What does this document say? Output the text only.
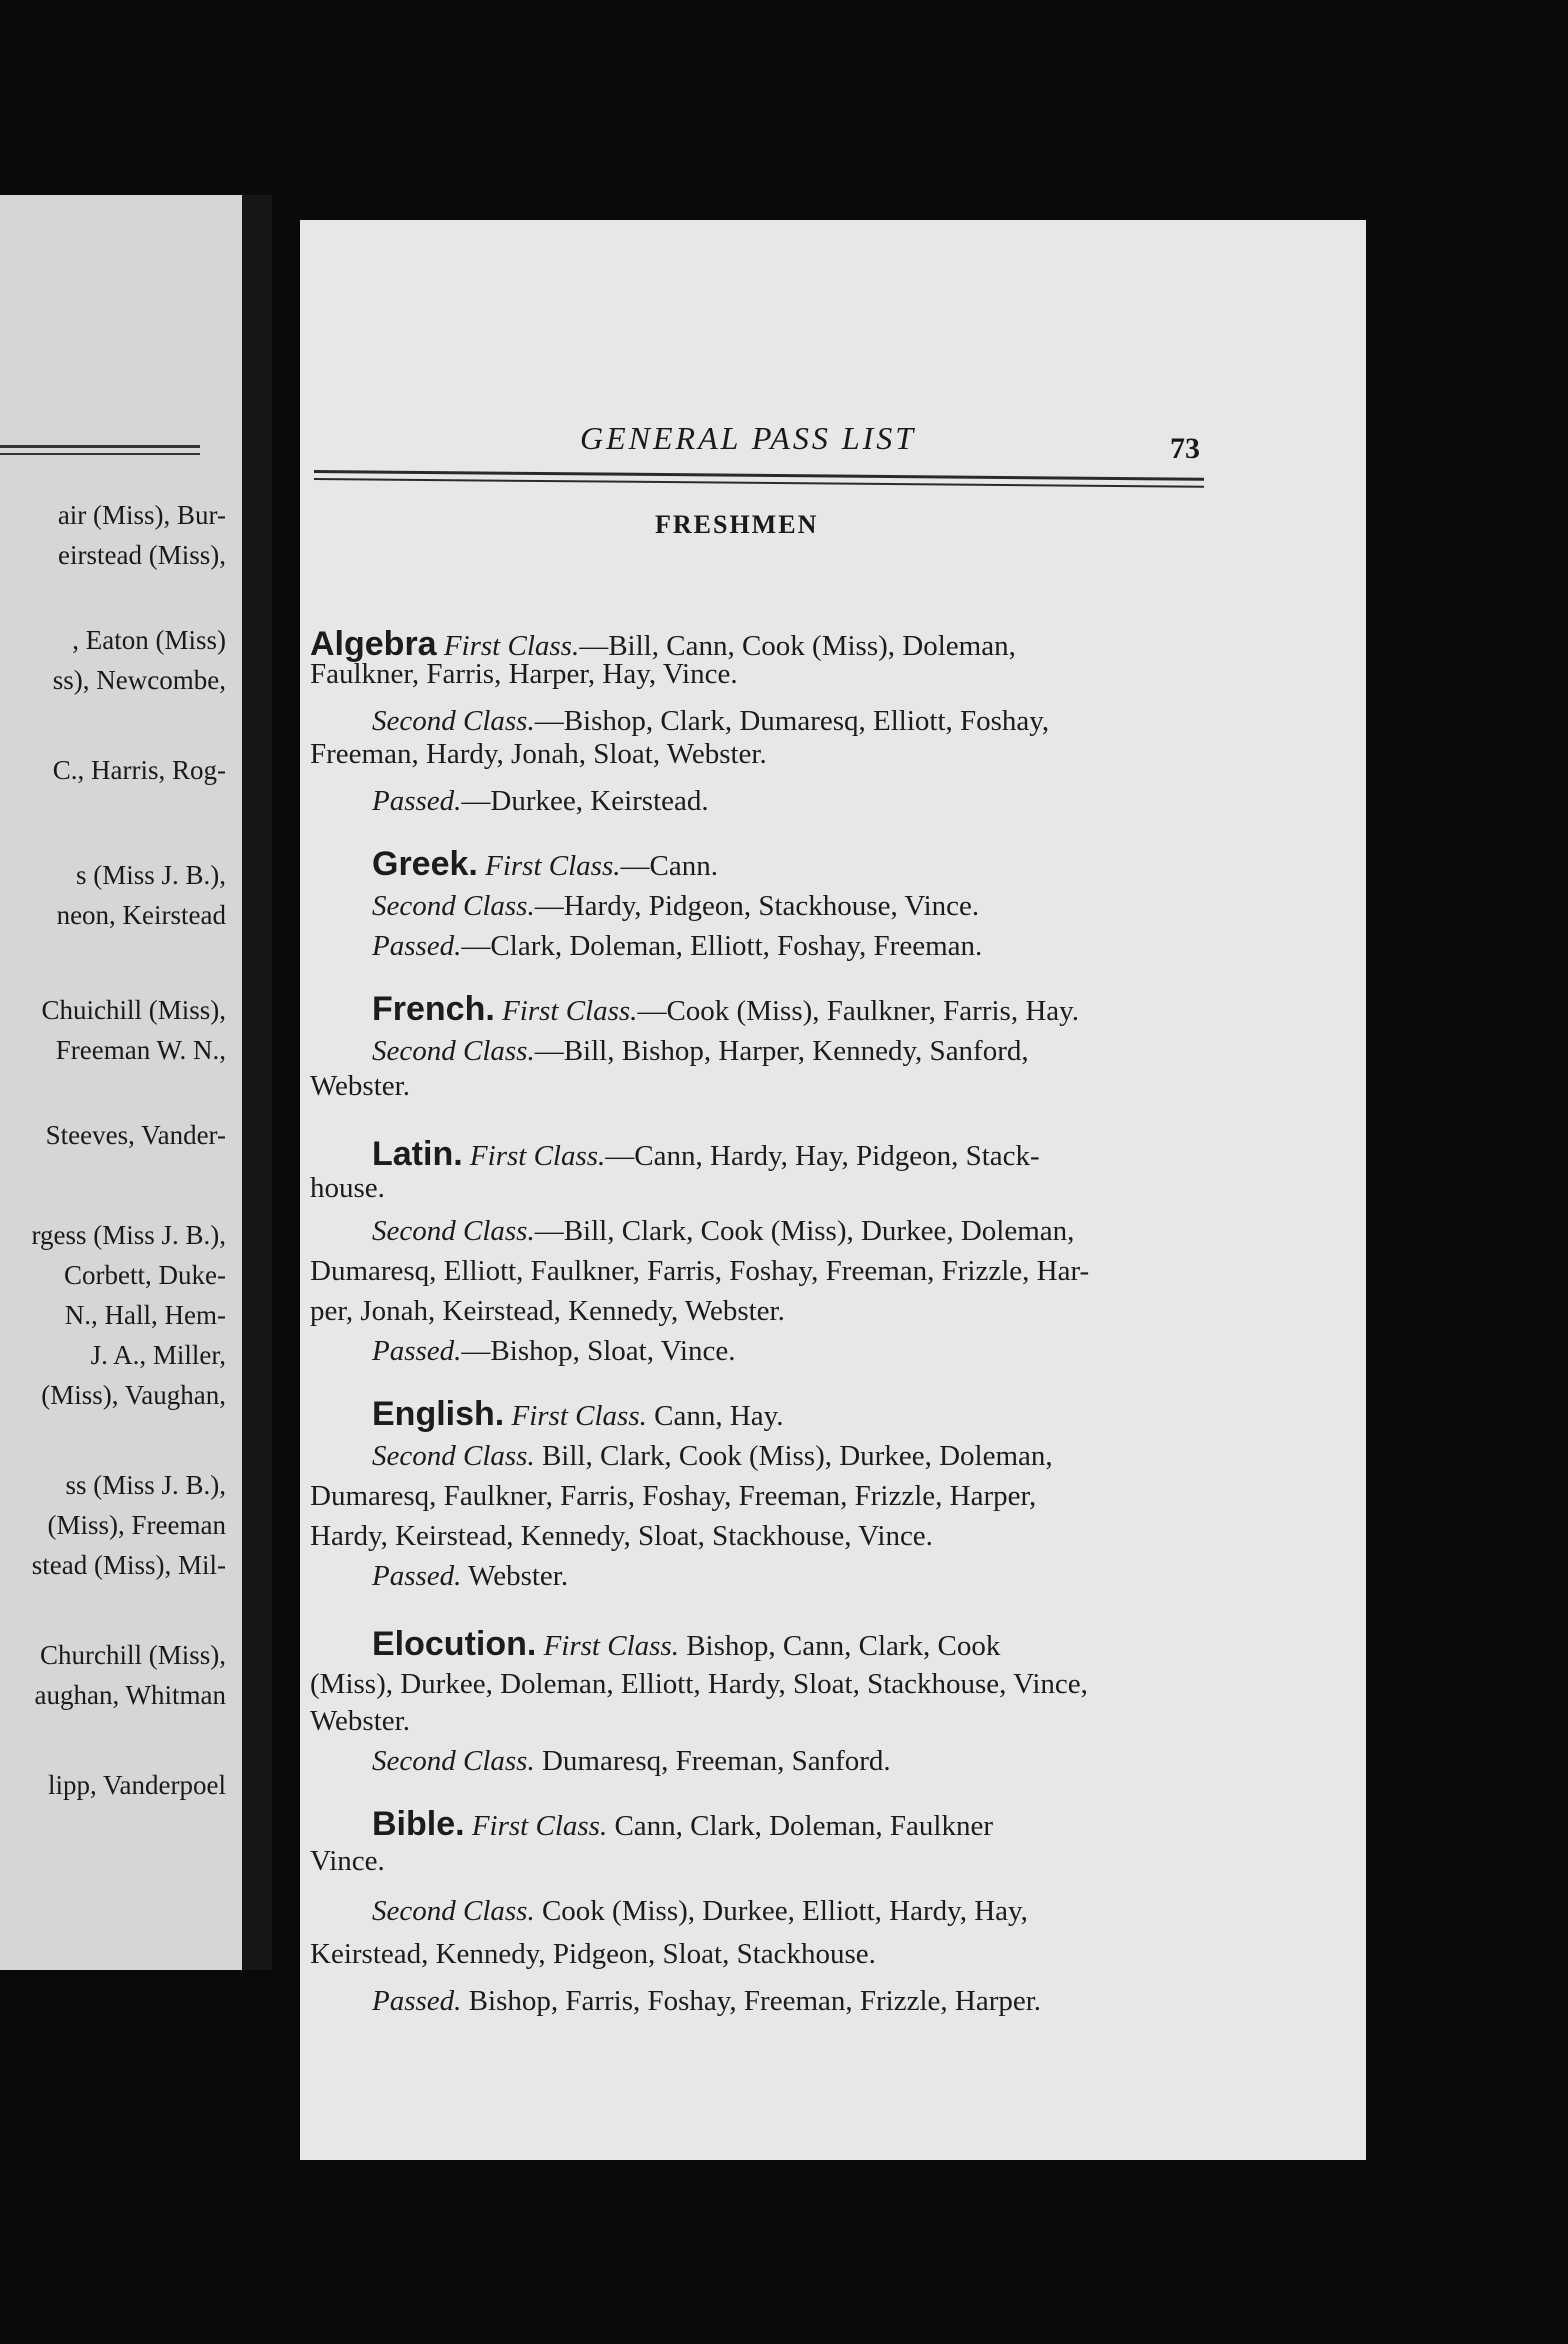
air (Miss), Bur-
eirstead (Miss),
, Eaton (Miss)
ss), Newcombe,
C., Harris, Rog-
s (Miss J. B.),
neon, Keirstead
Chuichill (Miss),
Freeman W. N.,
Steeves, Vander-
rgess (Miss J. B.),
Corbett, Duke-
N., Hall, Hem-
J. A., Miller,
(Miss), Vaughan,
ss (Miss J. B.),
(Miss), Freeman
stead (Miss), Mil-
Churchill (Miss),
aughan, Whitman
lipp, Vanderpoel
GENERAL PASS LIST	73
FRESHMEN
Algebra First Class.—Bill, Cann, Cook (Miss), Doleman,
Faulkner, Farris, Harper, Hay, Vince.
Second Class.—Bishop, Clark, Dumaresq, Elliott, Foshay,
Freeman, Hardy, Jonah, Sloat, Webster.
Passed.—Durkee, Keirstead.
Greek. First Class.—Cann.
Second Class.—Hardy, Pidgeon, Stackhouse, Vince.
Passed.—Clark, Doleman, Elliott, Foshay, Freeman.
French. First Class.—Cook (Miss), Faulkner, Farris, Hay.
Second Class.—Bill, Bishop, Harper, Kennedy, Sanford,
Webster.
Latin. First Class.—Cann, Hardy, Hay, Pidgeon, Stack-
house.
Second Class.—Bill, Clark, Cook (Miss), Durkee, Doleman,
Dumaresq, Elliott, Faulkner, Farris, Foshay, Freeman, Frizzle, Har-
per, Jonah, Keirstead, Kennedy, Webster.
Passed.—Bishop, Sloat, Vince.
English. First Class. Cann, Hay.
Second Class. Bill, Clark, Cook (Miss), Durkee, Doleman,
Dumaresq, Faulkner, Farris, Foshay, Freeman, Frizzle, Harper,
Hardy, Keirstead, Kennedy, Sloat, Stackhouse, Vince.
Passed. Webster.
Elocution. First Class. Bishop, Cann, Clark, Cook
(Miss), Durkee, Doleman, Elliott, Hardy, Sloat, Stackhouse, Vince,
Webster.
Second Class. Dumaresq, Freeman, Sanford.
Bible. First Class. Cann, Clark, Doleman, Faulkner
Vince.
Second Class. Cook (Miss), Durkee, Elliott, Hardy, Hay,
Keirstead, Kennedy, Pidgeon, Sloat, Stackhouse.
Passed. Bishop, Farris, Foshay, Freeman, Frizzle, Harper.
